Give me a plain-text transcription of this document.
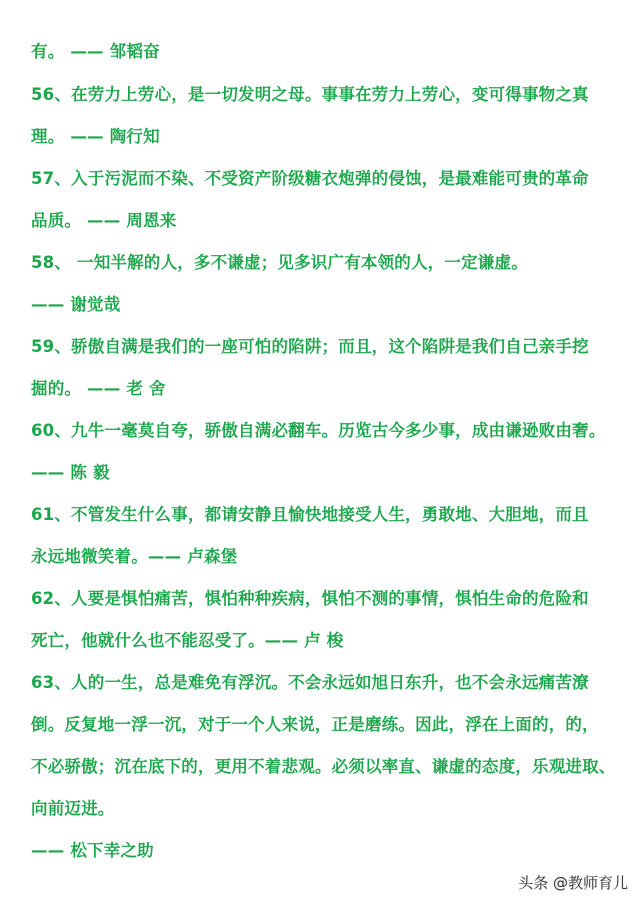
有。 —— 邹韬奋
56、在劳力上劳心，是一切发明之母。事事在劳力上劳心，变可得事物之真
理。 —— 陶行知
57、入于污泥而不染、不受资产阶级糖衣炮弹的侵蚀，是最难能可贵的革命
品质。 —— 周恩来
58、 一知半解的人，多不谦虚；见多识广有本领的人，一定谦虚。
—— 谢觉哉
59、骄傲自满是我们的一座可怕的陷阱；而且，这个陷阱是我们自己亲手挖
掘的。 —— 老 舍
60、九牛一毫莫自夸，骄傲自满必翻车。历览古今多少事，成由谦逊败由奢。
—— 陈 毅
61、不管发生什么事，都请安静且愉快地接受人生，勇敢地、大胆地，而且
永远地微笑着。—— 卢森堡
62、人要是惧怕痛苦，惧怕种种疾病，惧怕不测的事情，惧怕生命的危险和
死亡，他就什么也不能忍受了。—— 卢 梭
63、人的一生，总是难免有浮沉。不会永远如旭日东升，也不会永远痛苦潦
倒。反复地一浮一沉，对于一个人来说，正是磨练。因此，浮在上面的，的，
不必骄傲；沉在底下的，更用不着悲观。必须以率直、谦虚的态度，乐观进取、
向前迈进。
—— 松下幸之助
头条 @教师育儿
